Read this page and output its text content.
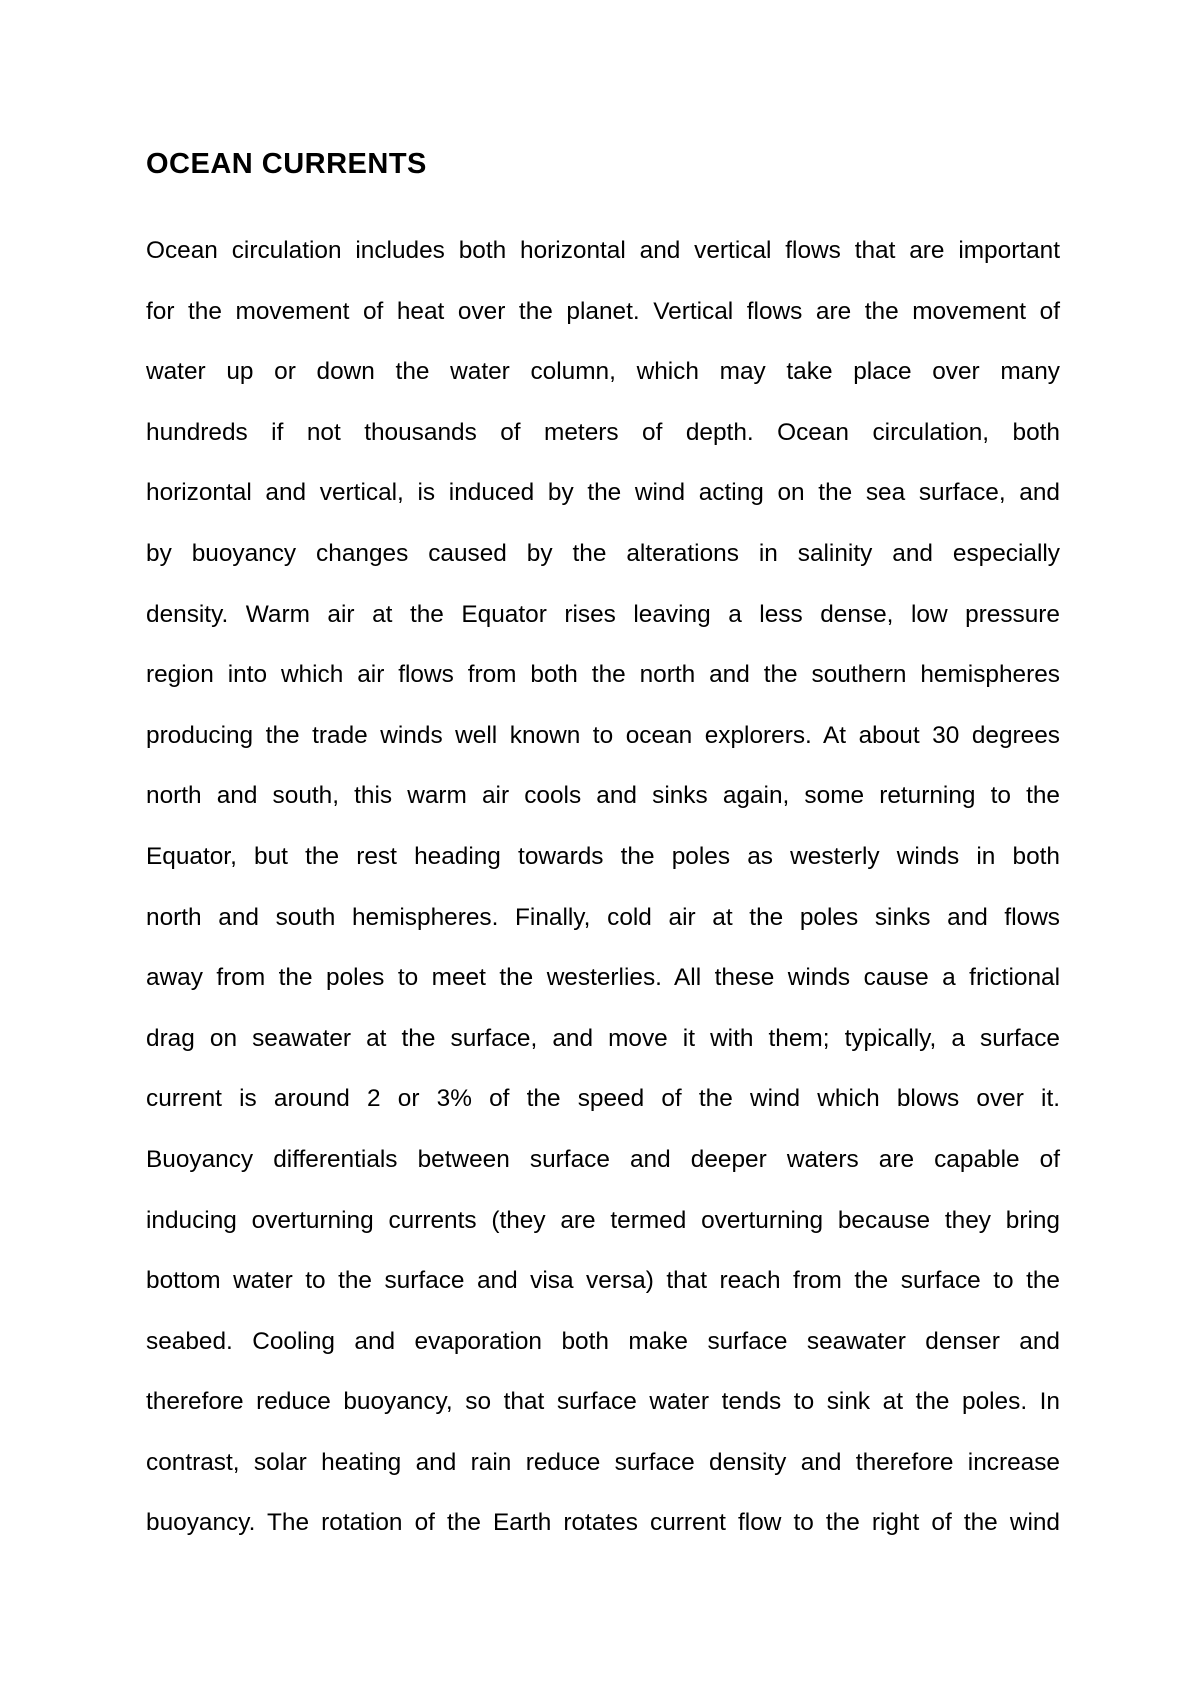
OCEAN CURRENTS
Ocean circulation includes both horizontal and vertical flows that are important
for the movement of heat over the planet. Vertical flows are the movement of
water up or down the water column, which may take place over many
hundreds if not thousands of meters of depth. Ocean circulation, both
horizontal and vertical, is induced by the wind acting on the sea surface, and
by buoyancy changes caused by the alterations in salinity and especially
density. Warm air at the Equator rises leaving a less dense, low pressure
region into which air flows from both the north and the southern hemispheres
producing the trade winds well known to ocean explorers. At about 30 degrees
north and south, this warm air cools and sinks again, some returning to the
Equator, but the rest heading towards the poles as westerly winds in both
north and south hemispheres. Finally, cold air at the poles sinks and flows
away from the poles to meet the westerlies. All these winds cause a frictional
drag on seawater at the surface, and move it with them; typically, a surface
current is around 2 or 3% of the speed of the wind which blows over it.
Buoyancy differentials between surface and deeper waters are capable of
inducing overturning currents (they are termed overturning because they bring
bottom water to the surface and visa versa) that reach from the surface to the
seabed. Cooling and evaporation both make surface seawater denser and
therefore reduce buoyancy, so that surface water tends to sink at the poles. In
contrast, solar heating and rain reduce surface density and therefore increase
buoyancy. The rotation of the Earth rotates current flow to the right of the wind
